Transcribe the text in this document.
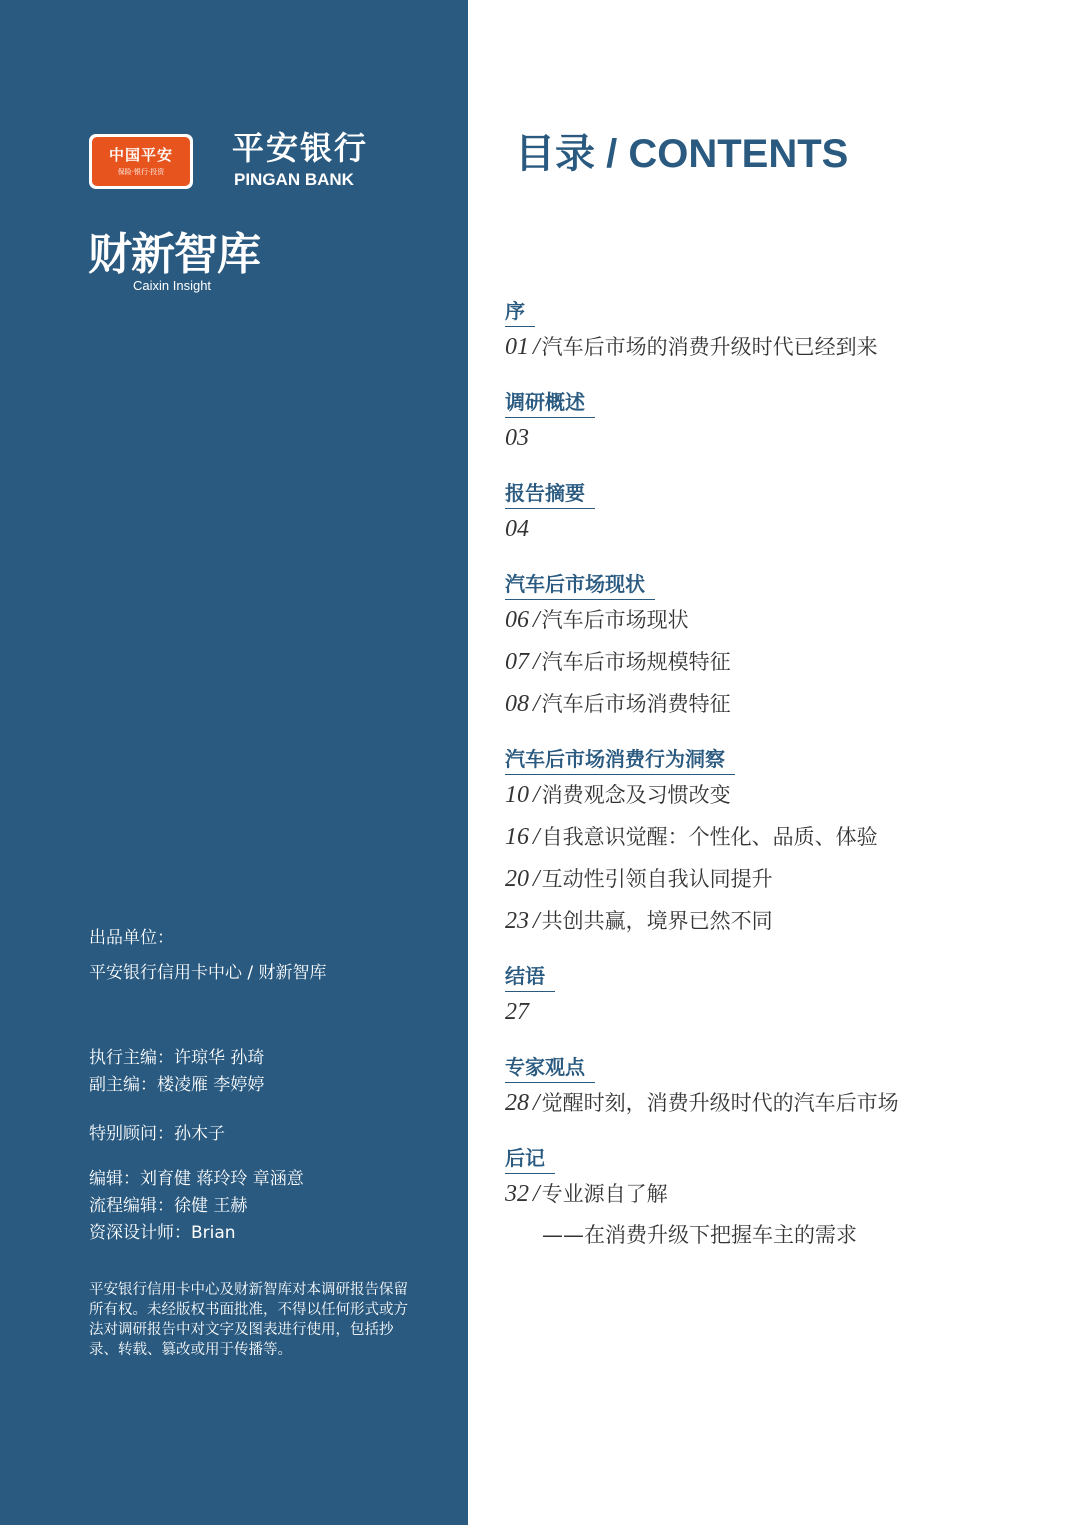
中国平安
保险·银行·投资
平安银行
PINGAN BANK
财新智库
Caixin Insight
出品单位：
平安银行信用卡中心 / 财新智库
执行主编：许琼华 孙琦
副主编：楼凌雁 李婷婷
特别顾问：孙木子
编辑：刘育健 蒋玲玲 章涵意
流程编辑：徐健 王赫
资深设计师：Brian
平安银行信用卡中心及财新智库对本调研报告保留所有权。未经版权书面批准，不得以任何形式或方法对调研报告中对文字及图表进行使用，包括抄录、转载、篡改或用于传播等。
目录 / CONTENTS
序
01 /汽车后市场的消费升级时代已经到来
调研概述
03
报告摘要
04
汽车后市场现状
06 /汽车后市场现状
07 /汽车后市场规模特征
08 /汽车后市场消费特征
汽车后市场消费行为洞察
10 /消费观念及习惯改变
16 /自我意识觉醒：个性化、品质、体验
20 /互动性引领自我认同提升
23 /共创共赢，境界已然不同
结语
27
专家观点
28 /觉醒时刻，消费升级时代的汽车后市场
后记
32 /专业源自了解
——在消费升级下把握车主的需求
